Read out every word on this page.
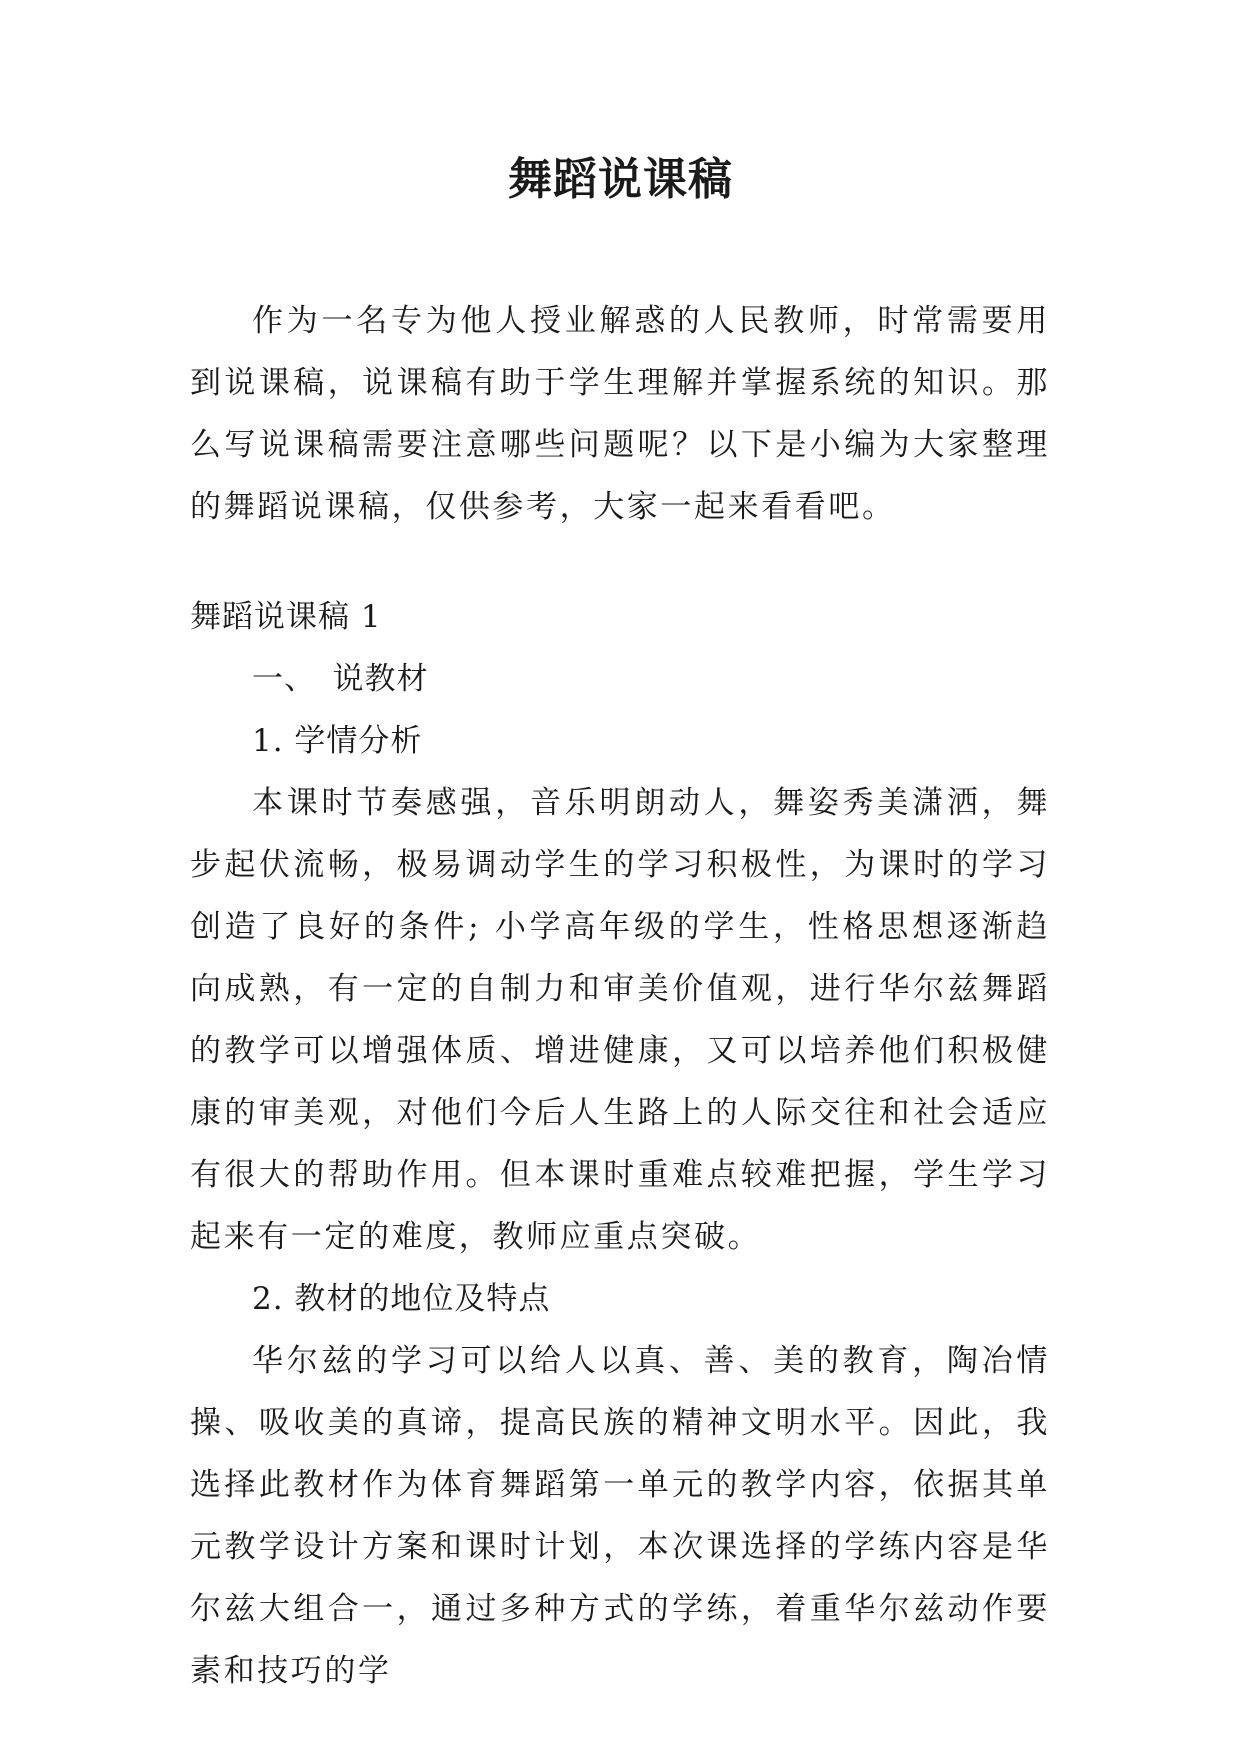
舞蹈说课稿

作为一名专为他人授业解惑的人民教师，时常需要用到说课稿，说课稿有助于学生理解并掌握系统的知识。那么写说课稿需要注意哪些问题呢？以下是小编为大家整理的舞蹈说课稿，仅供参考，大家一起来看看吧。

舞蹈说课稿 1

一、　说教材

1. 学情分析

本课时节奏感强，音乐明朗动人，舞姿秀美潇洒，舞步起伏流畅，极易调动学生的学习积极性，为课时的学习创造了良好的条件; 小学高年级的学生，性格思想逐渐趋向成熟，有一定的自制力和审美价值观，进行华尔兹舞蹈的教学可以增强体质、增进健康，又可以培养他们积极健康的审美观，对他们今后人生路上的人际交往和社会适应有很大的帮助作用。但本课时重难点较难把握，学生学习起来有一定的难度，教师应重点突破。

2. 教材的地位及特点

华尔兹的学习可以给人以真、善、美的教育，陶冶情操、吸收美的真谛，提高民族的精神文明水平。因此，我选择此教材作为体育舞蹈第一单元的教学内容，依据其单元教学设计方案和课时计划，本次课选择的学练内容是华尔兹大组合一，通过多种方式的学练，着重华尔兹动作要素和技巧的学
